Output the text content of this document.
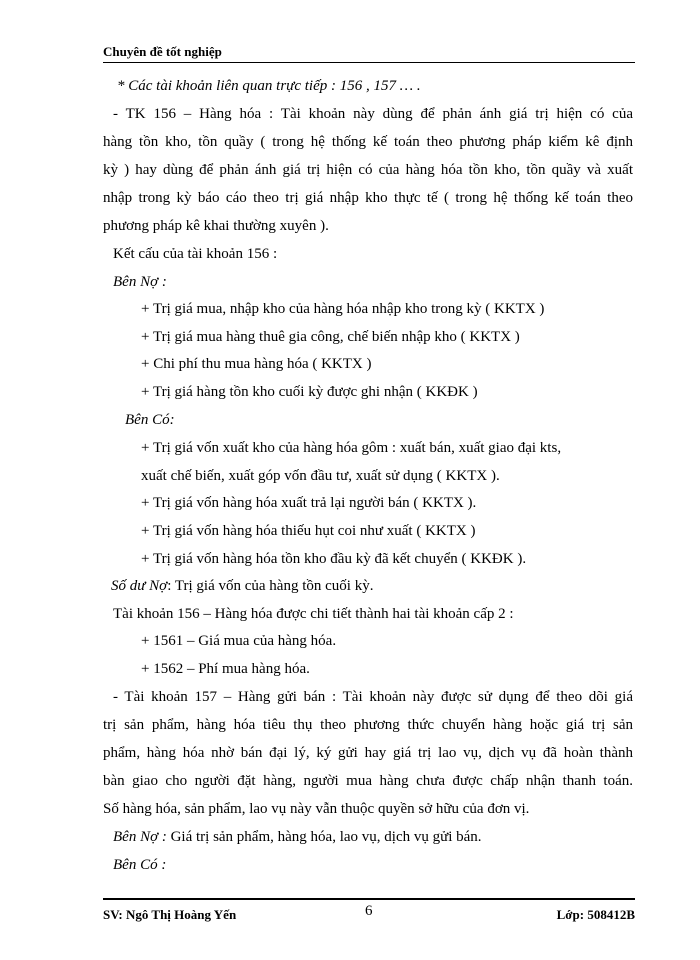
Chuyên đề tốt nghiệp
* Các tài khoản liên quan trực tiếp : 156 , 157 … .
- TK 156 – Hàng hóa : Tài khoản này dùng để phản ánh giá trị hiện có của
hàng tồn kho, tồn quầy ( trong hệ thống kế toán theo phương pháp kiểm kê định
kỳ ) hay dùng để phản ánh giá trị hiện có của hàng hóa tồn kho, tồn quầy và xuất
nhập trong kỳ báo cáo theo trị giá nhập kho thực tế ( trong hệ thống kế toán theo
phương pháp kê khai thường xuyên ).
Kết cấu của tài khoản 156 :
Bên Nợ :
+ Trị giá mua, nhập kho của hàng hóa nhập kho trong kỳ ( KKTX )
+ Trị giá mua hàng thuê gia công, chế biến nhập kho ( KKTX )
+ Chi phí thu mua hàng hóa ( KKTX )
+ Trị giá hàng tồn kho cuối kỳ được ghi nhận ( KKĐK )
Bên Có:
+ Trị giá vốn xuất kho của hàng hóa gôm : xuất bán, xuất giao đại kts,
xuất chế biến, xuất góp vốn đầu tư, xuất sử dụng ( KKTX ).
+ Trị giá vốn hàng hóa xuất trả lại người bán ( KKTX ).
+ Trị giá vốn hàng hóa thiếu hụt coi như xuất ( KKTX )
+ Trị giá vốn hàng hóa tồn kho đầu kỳ đã kết chuyển ( KKĐK ).
Số dư Nợ: Trị giá vốn của hàng tồn cuối kỳ.
Tài khoản 156 – Hàng hóa được chi tiết thành hai tài khoản cấp 2 :
+ 1561 – Giá mua của hàng hóa.
+ 1562 – Phí mua hàng hóa.
- Tài khoản 157 – Hàng gửi bán : Tài khoản này được sử dụng để theo dõi giá
trị sản phẩm, hàng hóa tiêu thụ theo phương thức chuyển hàng hoặc giá trị sản
phẩm, hàng hóa nhờ bán đại lý, ký gửi hay giá trị lao vụ, dịch vụ đã hoàn thành
bàn giao cho người đặt hàng, người mua hàng chưa được chấp nhận thanh toán.
Số hàng hóa, sản phẩm, lao vụ này vẫn thuộc quyền sở hữu của đơn vị.
Bên Nợ : Giá trị sản phẩm, hàng hóa, lao vụ, dịch vụ gửi bán.
Bên Có :
SV: Ngô Thị Hoàng Yến	6	Lớp: 508412B
